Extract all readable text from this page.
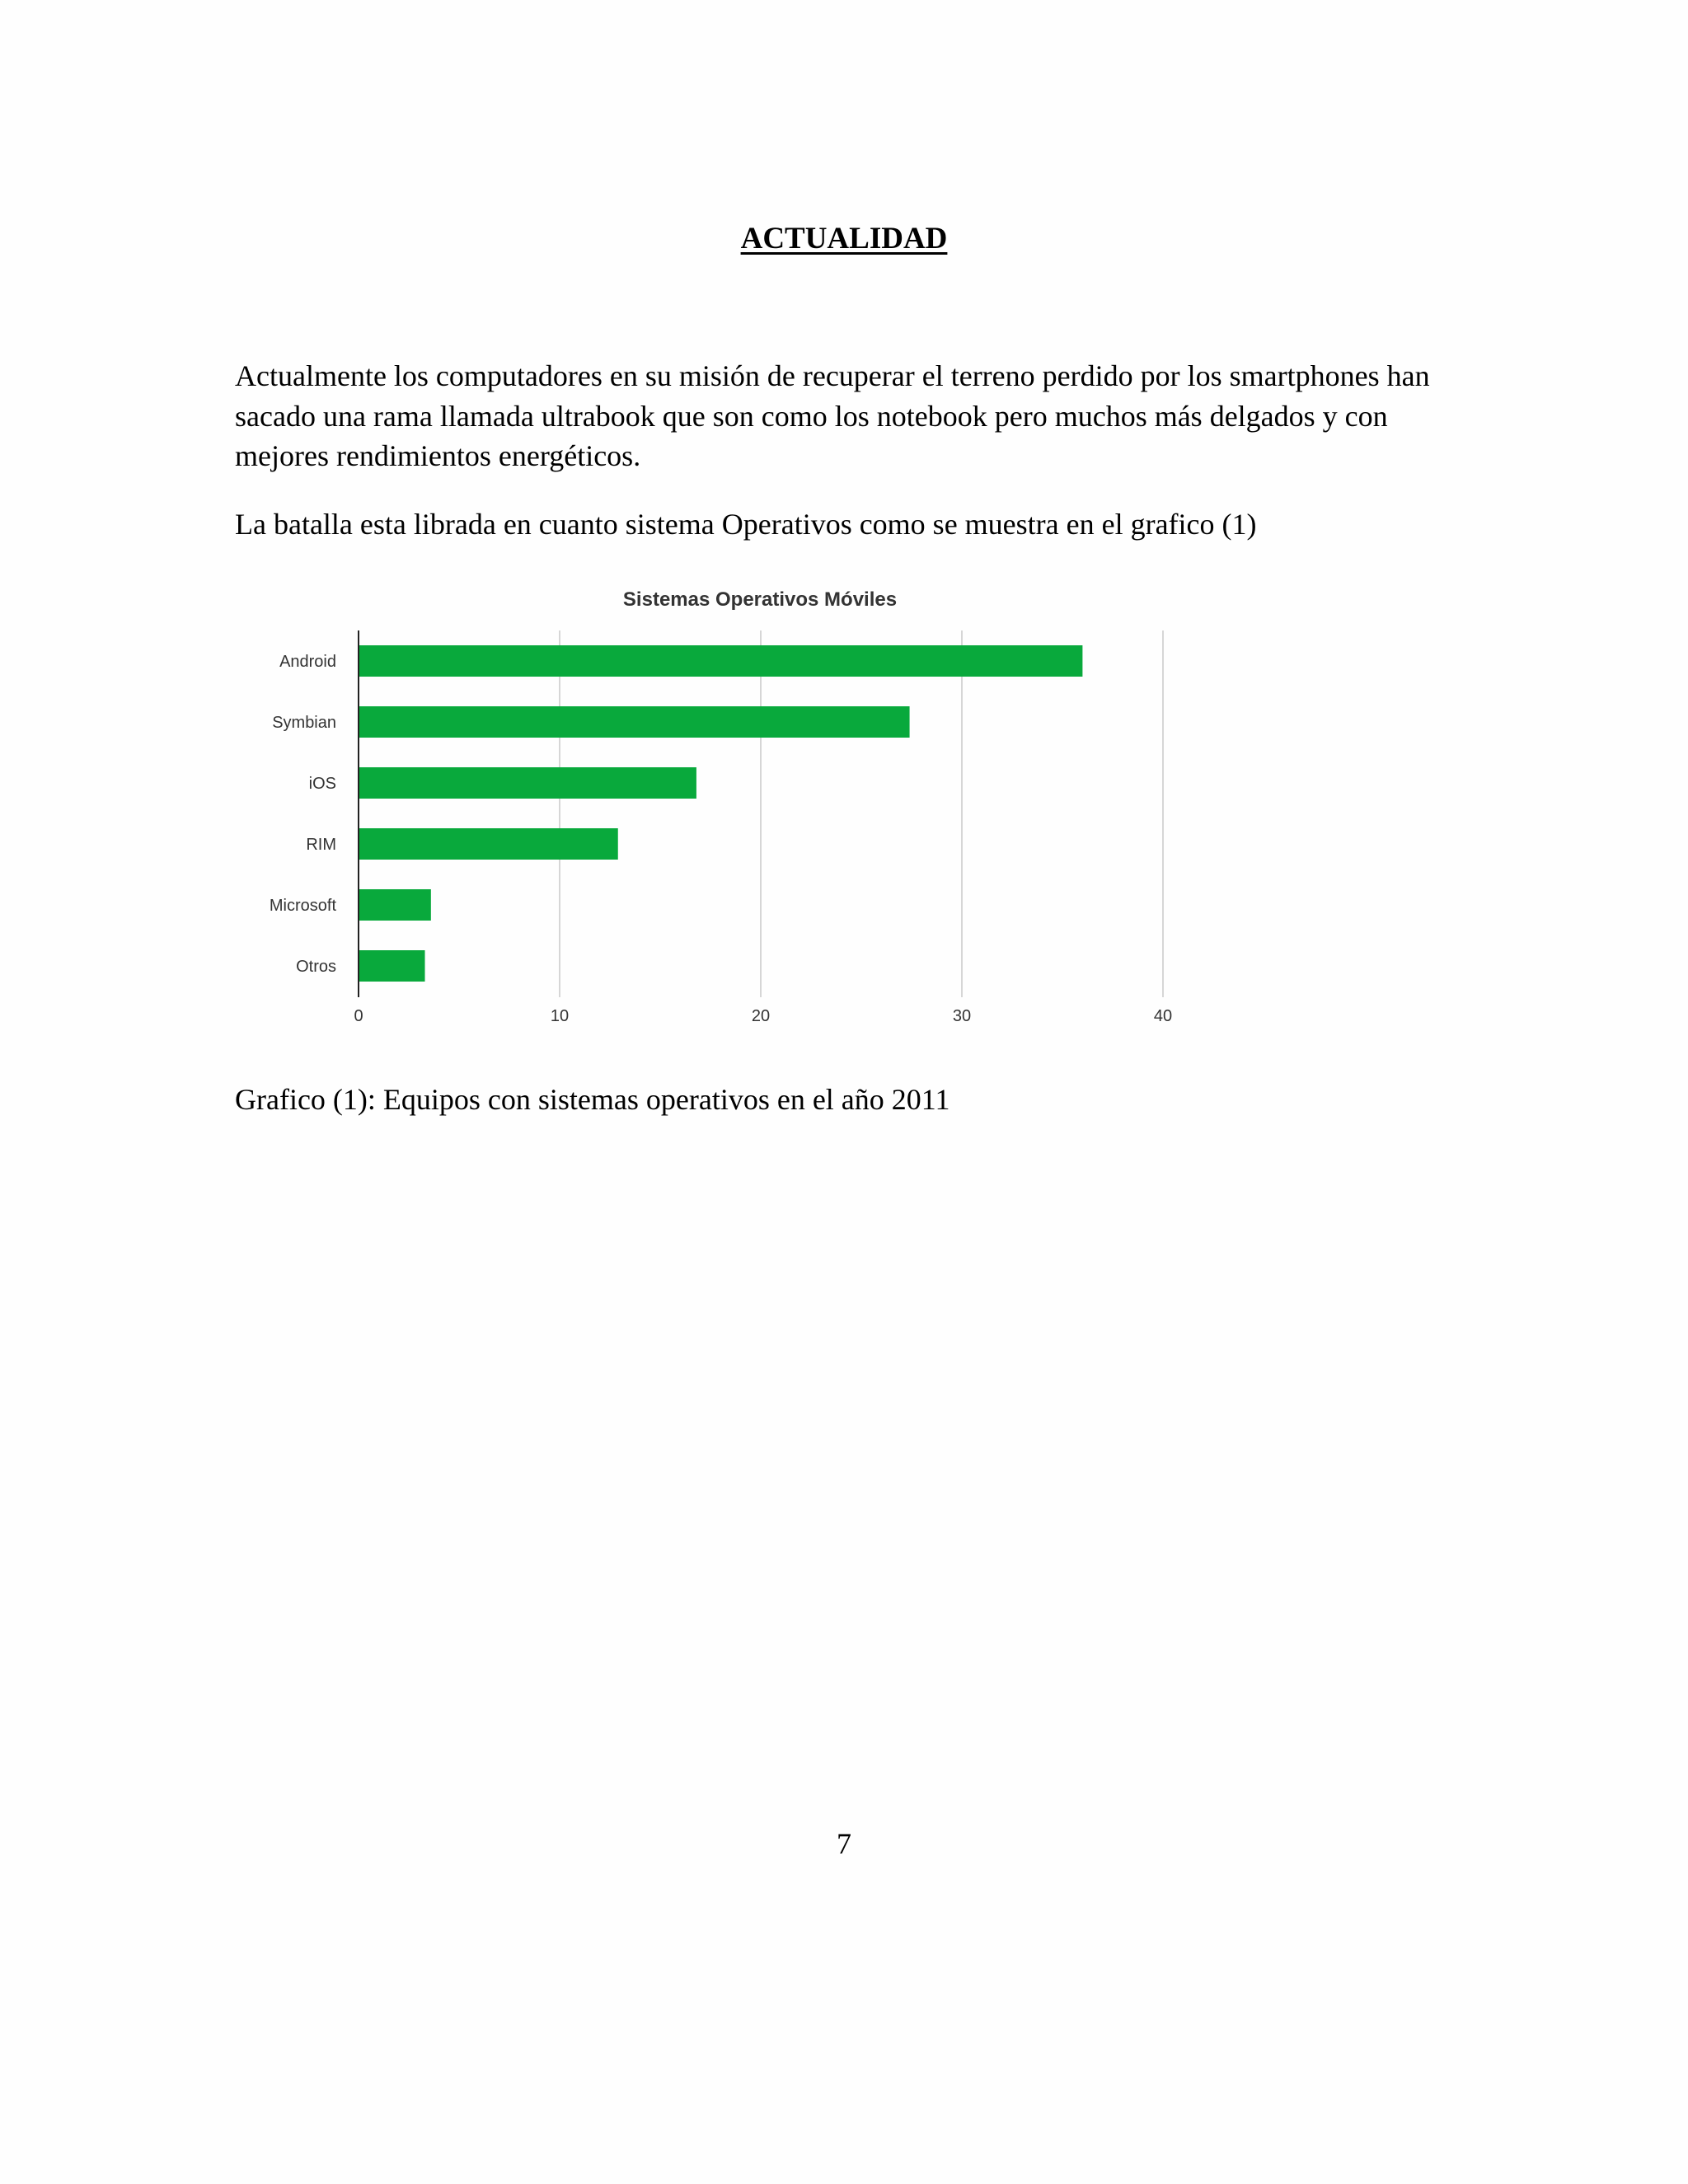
ACTUALIDAD

Actualmente los computadores en su misión de recuperar el terreno perdido por los smartphones han sacado una rama llamada ultrabook que son como los notebook pero muchos más delgados y con mejores rendimientos energéticos.

La batalla esta librada en cuanto sistema Operativos como se muestra en el grafico (1)

Sistemas Operativos Móviles
Android
Symbian
iOS
RIM
Microsoft
Otros
0	10	20	30	40

Grafico (1): Equipos con sistemas operativos en el año 2011

7
